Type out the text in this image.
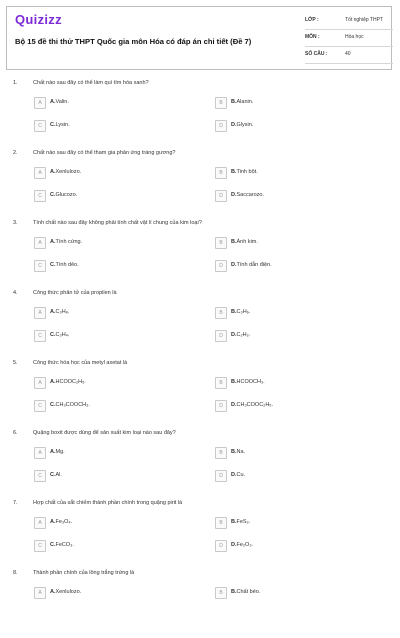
Quizizz
Bộ 15 đề thi thử THPT Quốc gia môn Hóa có đáp án chi tiết (Đề 7)
LỚP :	Tốt nghiệp THPT
MÔN :	Hóa học
SỐ CÂU :	40
1.	Chất nào sau đây có thể làm quì tím hóa xanh?
A	A.Valin.	B	B.Alanin.
C	C.Lysin.	D	D.Glysin.
2.	Chất nào sau đây có thể tham gia phản ứng tráng gương?
A	A.Xenlulozo.	B	B.Tinh bột.
C	C.Glucozo.	D	D.Saccarozo.
3.	Tính chất nào sau đây không phải tính chất vật lí chung của kim loại?
A	A.Tính cứng.	B	B.Ánh kim.
C	C.Tính dẻo.	D	D.Tính dẫn điện.
4.	Công thức phân tử của propilen là
A	A.C₃H₈.	B	B.C₃H₆.
C	C.C₃H₄.	D	D.C₂H₂.
5.	Công thức hóa học của metyl axetat là
A	A.HCOOC₂H₅.	B	B.HCOOCH₃.
C	C.CH₃COOCH₃.	D	D.CH₃COOC₂H₅.
6.	Quặng boxit được dùng để sản xuất kim loại nào sau đây?
A	A.Mg.	B	B.Na.
C	C.Al.	D	D.Cu.
7.	Hợp chất của sắt chiếm thành phần chính trong quặng pirit là
A	A.Fe₃O₄.	B	B.FeS₂.
C	C.FeCO₃.	D	D.Fe₂O₃.
8.	Thành phần chính của lông trắng trứng là
A	A.Xenlulozo.	B	B.Chất béo.
